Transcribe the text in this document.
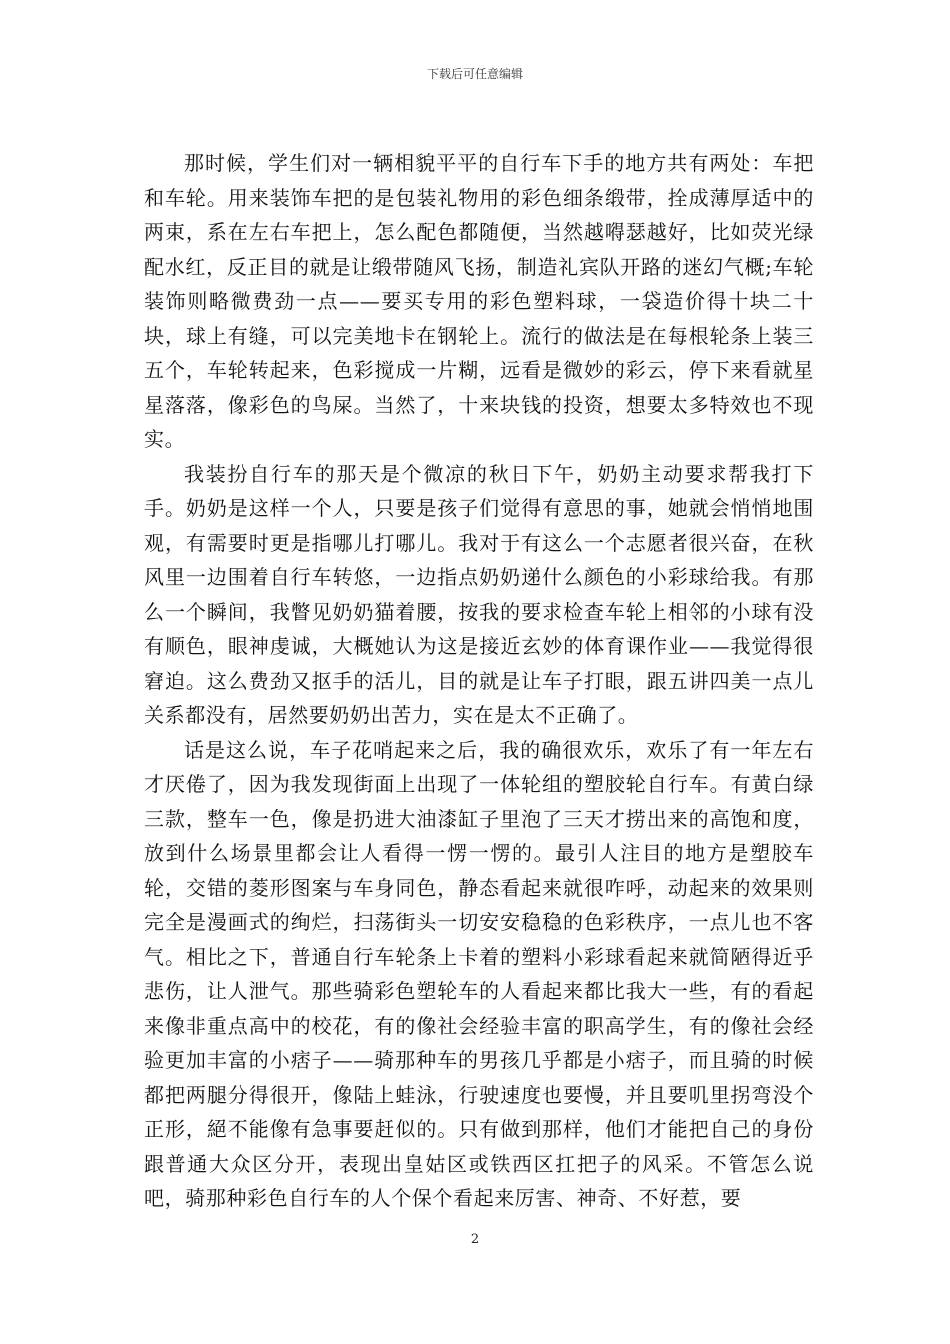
下载后可任意编辑

那时候，学生们对一辆相貌平平的自行车下手的地方共有两处：车把和车轮。用来装饰车把的是包装礼物用的彩色细条缎带，拴成薄厚适中的两束，系在左右车把上，怎么配色都随便，当然越嘚瑟越好，比如荧光绿配水红，反正目的就是让缎带随风飞扬，制造礼宾队开路的迷幻气概;车轮装饰则略微费劲一点——要买专用的彩色塑料球，一袋造价得十块二十块，球上有缝，可以完美地卡在钢轮上。流行的做法是在每根轮条上装三五个，车轮转起来，色彩搅成一片糊，远看是微妙的彩云，停下来看就星星落落，像彩色的鸟屎。当然了，十来块钱的投资，想要太多特效也不现实。

我装扮自行车的那天是个微凉的秋日下午，奶奶主动要求帮我打下手。奶奶是这样一个人，只要是孩子们觉得有意思的事，她就会悄悄地围观，有需要时更是指哪儿打哪儿。我对于有这么一个志愿者很兴奋，在秋风里一边围着自行车转悠，一边指点奶奶递什么颜色的小彩球给我。有那么一个瞬间，我瞥见奶奶猫着腰，按我的要求检查车轮上相邻的小球有没有顺色，眼神虔诚，大概她认为这是接近玄妙的体育课作业——我觉得很窘迫。这么费劲又抠手的活儿，目的就是让车子打眼，跟五讲四美一点儿关系都没有，居然要奶奶出苦力，实在是太不正确了。

话是这么说，车子花哨起来之后，我的确很欢乐，欢乐了有一年左右才厌倦了，因为我发现街面上出现了一体轮组的塑胶轮自行车。有黄白绿三款，整车一色，像是扔进大油漆缸子里泡了三天才捞出来的高饱和度，放到什么场景里都会让人看得一愣一愣的。最引人注目的地方是塑胶车轮，交错的菱形图案与车身同色，静态看起来就很咋呼，动起来的效果则完全是漫画式的绚烂，扫荡街头一切安安稳稳的色彩秩序，一点儿也不客气。相比之下，普通自行车轮条上卡着的塑料小彩球看起来就简陋得近乎悲伤，让人泄气。那些骑彩色塑轮车的人看起来都比我大一些，有的看起来像非重点高中的校花，有的像社会经验丰富的职高学生，有的像社会经验更加丰富的小痞子——骑那种车的男孩几乎都是小痞子，而且骑的时候都把两腿分得很开，像陆上蛙泳，行驶速度也要慢，并且要叽里拐弯没个正形，絕不能像有急事要赶似的。只有做到那样，他们才能把自己的身份跟普通大众区分开，表现出皇姑区或铁西区扛把子的风采。不管怎么说吧，骑那种彩色自行车的人个保个看起来厉害、神奇、不好惹，要

2
